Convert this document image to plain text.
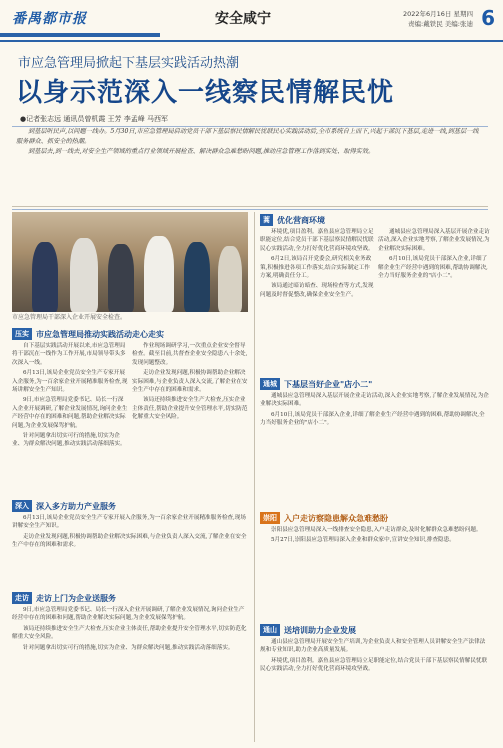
番禺都市报	安全咸宁	2022年6月16日 星期四
责编:戴铁民 美编:张迪 6
市应急管理局掀起下基层实践活动热潮
以身示范深入一线察民情解民忧
●记者张志远 通讯员曾机霞 王芳 李孟峰 马西军

到基层听民声,以问题一线办。5月30日,市应急管理局启动党员干部下基层察民情解民忧联民心实践活动后,全市系统自上而下,兴起干部沉下基层,走进一线,到基层一线服务群众、抓安全的热潮。

到基层去,到一线去,对安全生产领域的重点行业领域开展检查、解决群众急难愁盼问题,推动应急管理工作落到实处、取得实效。

市应急管理局干部深入企业开展安全检查。
压实 市应急管理局推动实践活动走心走实

自下基层实践活动开展以来,市应急管理局将干部沉在一线作为工作开展,市局领导带头多次深入一线。

6月13日,该局企业党员安全生产专家开展入企服务,为一百余家企业开展精准服务检查,现场讲解安全生产知识。

9日,市应急管理局党委书记、局长一行深入企业开展调研,了解企业发展情况,询问企业生产经营中存在的困难和问题,帮助企业解决实际问题,为企业发展保驾护航。

针对问题拿出切实可行的措施,切实为企业、为群众解决问题,推动实践活动落细落实。

作业现场调研学习,一次重点企业安全督导检查。截至目前,共督查企业安全隐患八十余处,发现问题整改。

走访企业发现问题,积极协调帮助企业解决实际困难,与企业负责人深入交流,了解企业在安全生产中存在的困难和需求。

该局还持续推进安全生产大检查,压实企业主体责任,帮助企业提升安全管理水平,切实防范化解重大安全风险。

深入 深入多方助力产业服务

6月13日,该局企业党员安全生产专家开展入企服务,为一百余家企业开展精准服务检查,现场讲解安全生产知识。

走访企业发现问题,积极协调帮助企业解决实际困难,与企业负责人深入交流,了解企业在安全生产中存在的困难和需求。

走访 走访上门为企业送服务

9日,市应急管理局党委书记、局长一行深入企业开展调研,了解企业发展情况,询问企业生产经营中存在的困难和问题,帮助企业解决实际问题,为企业发展保驾护航。

该局还持续推进安全生产大检查,压实企业主体责任,帮助企业提升安全管理水平,切实防范化解重大安全风险。

针对问题拿出切实可行的措施,切实为企业、为群众解决问题,推动实践活动落细落实。

蒿 优化营商环境

环境优,项目盈利。嘉鱼县应急管理局立足职能定位,结合党员干部下基层察民情解民忧联民心实践活动,全力打好优化营商环境攻坚战。

6月2日,该局召开党委会,研究相关业务政策,积极推进各项工作落实,结合实际制定工作方案,明确责任分工。

该局通过暗访暗查、现场检查等方式,发现问题及时督促整改,确保企业安全生产。

通城县应急管理局深入基层开展企业走访活动,深入企业实地考察,了解企业发展情况,为企业解决实际困难。

6月10日,该局党员干部深入企业,详细了解企业生产经营中遇到的困难,帮助协调解决,全力当好服务企业的"店小二"。

通城 下基层当好企业"店小二"

通城县应急管理局深入基层开展企业走访活动,深入企业实地考察,了解企业发展情况,为企业解决实际困难。

6月10日,该局党员干部深入企业,详细了解企业生产经营中遇到的困难,帮助协调解决,全力当好服务企业的"店小二"。

崇阳 入户走访察隐患解众急难愁盼

崇阳县应急管理局深入一线排查安全隐患,入户走访群众,及时化解群众急难愁盼问题。

5月27日,崇阳县应急管理局深入企业和群众家中,宣讲安全知识,排查隐患。

通山 送培训助力企业发展

通山县应急管理局开展安全生产培训,为企业负责人和安全管理人员讲解安全生产法律法规和专业知识,助力企业高质量发展。

环境优,项目盈利。嘉鱼县应急管理局立足职能定位,结合党员干部下基层察民情解民忧联民心实践活动,全力打好优化营商环境攻坚战。
